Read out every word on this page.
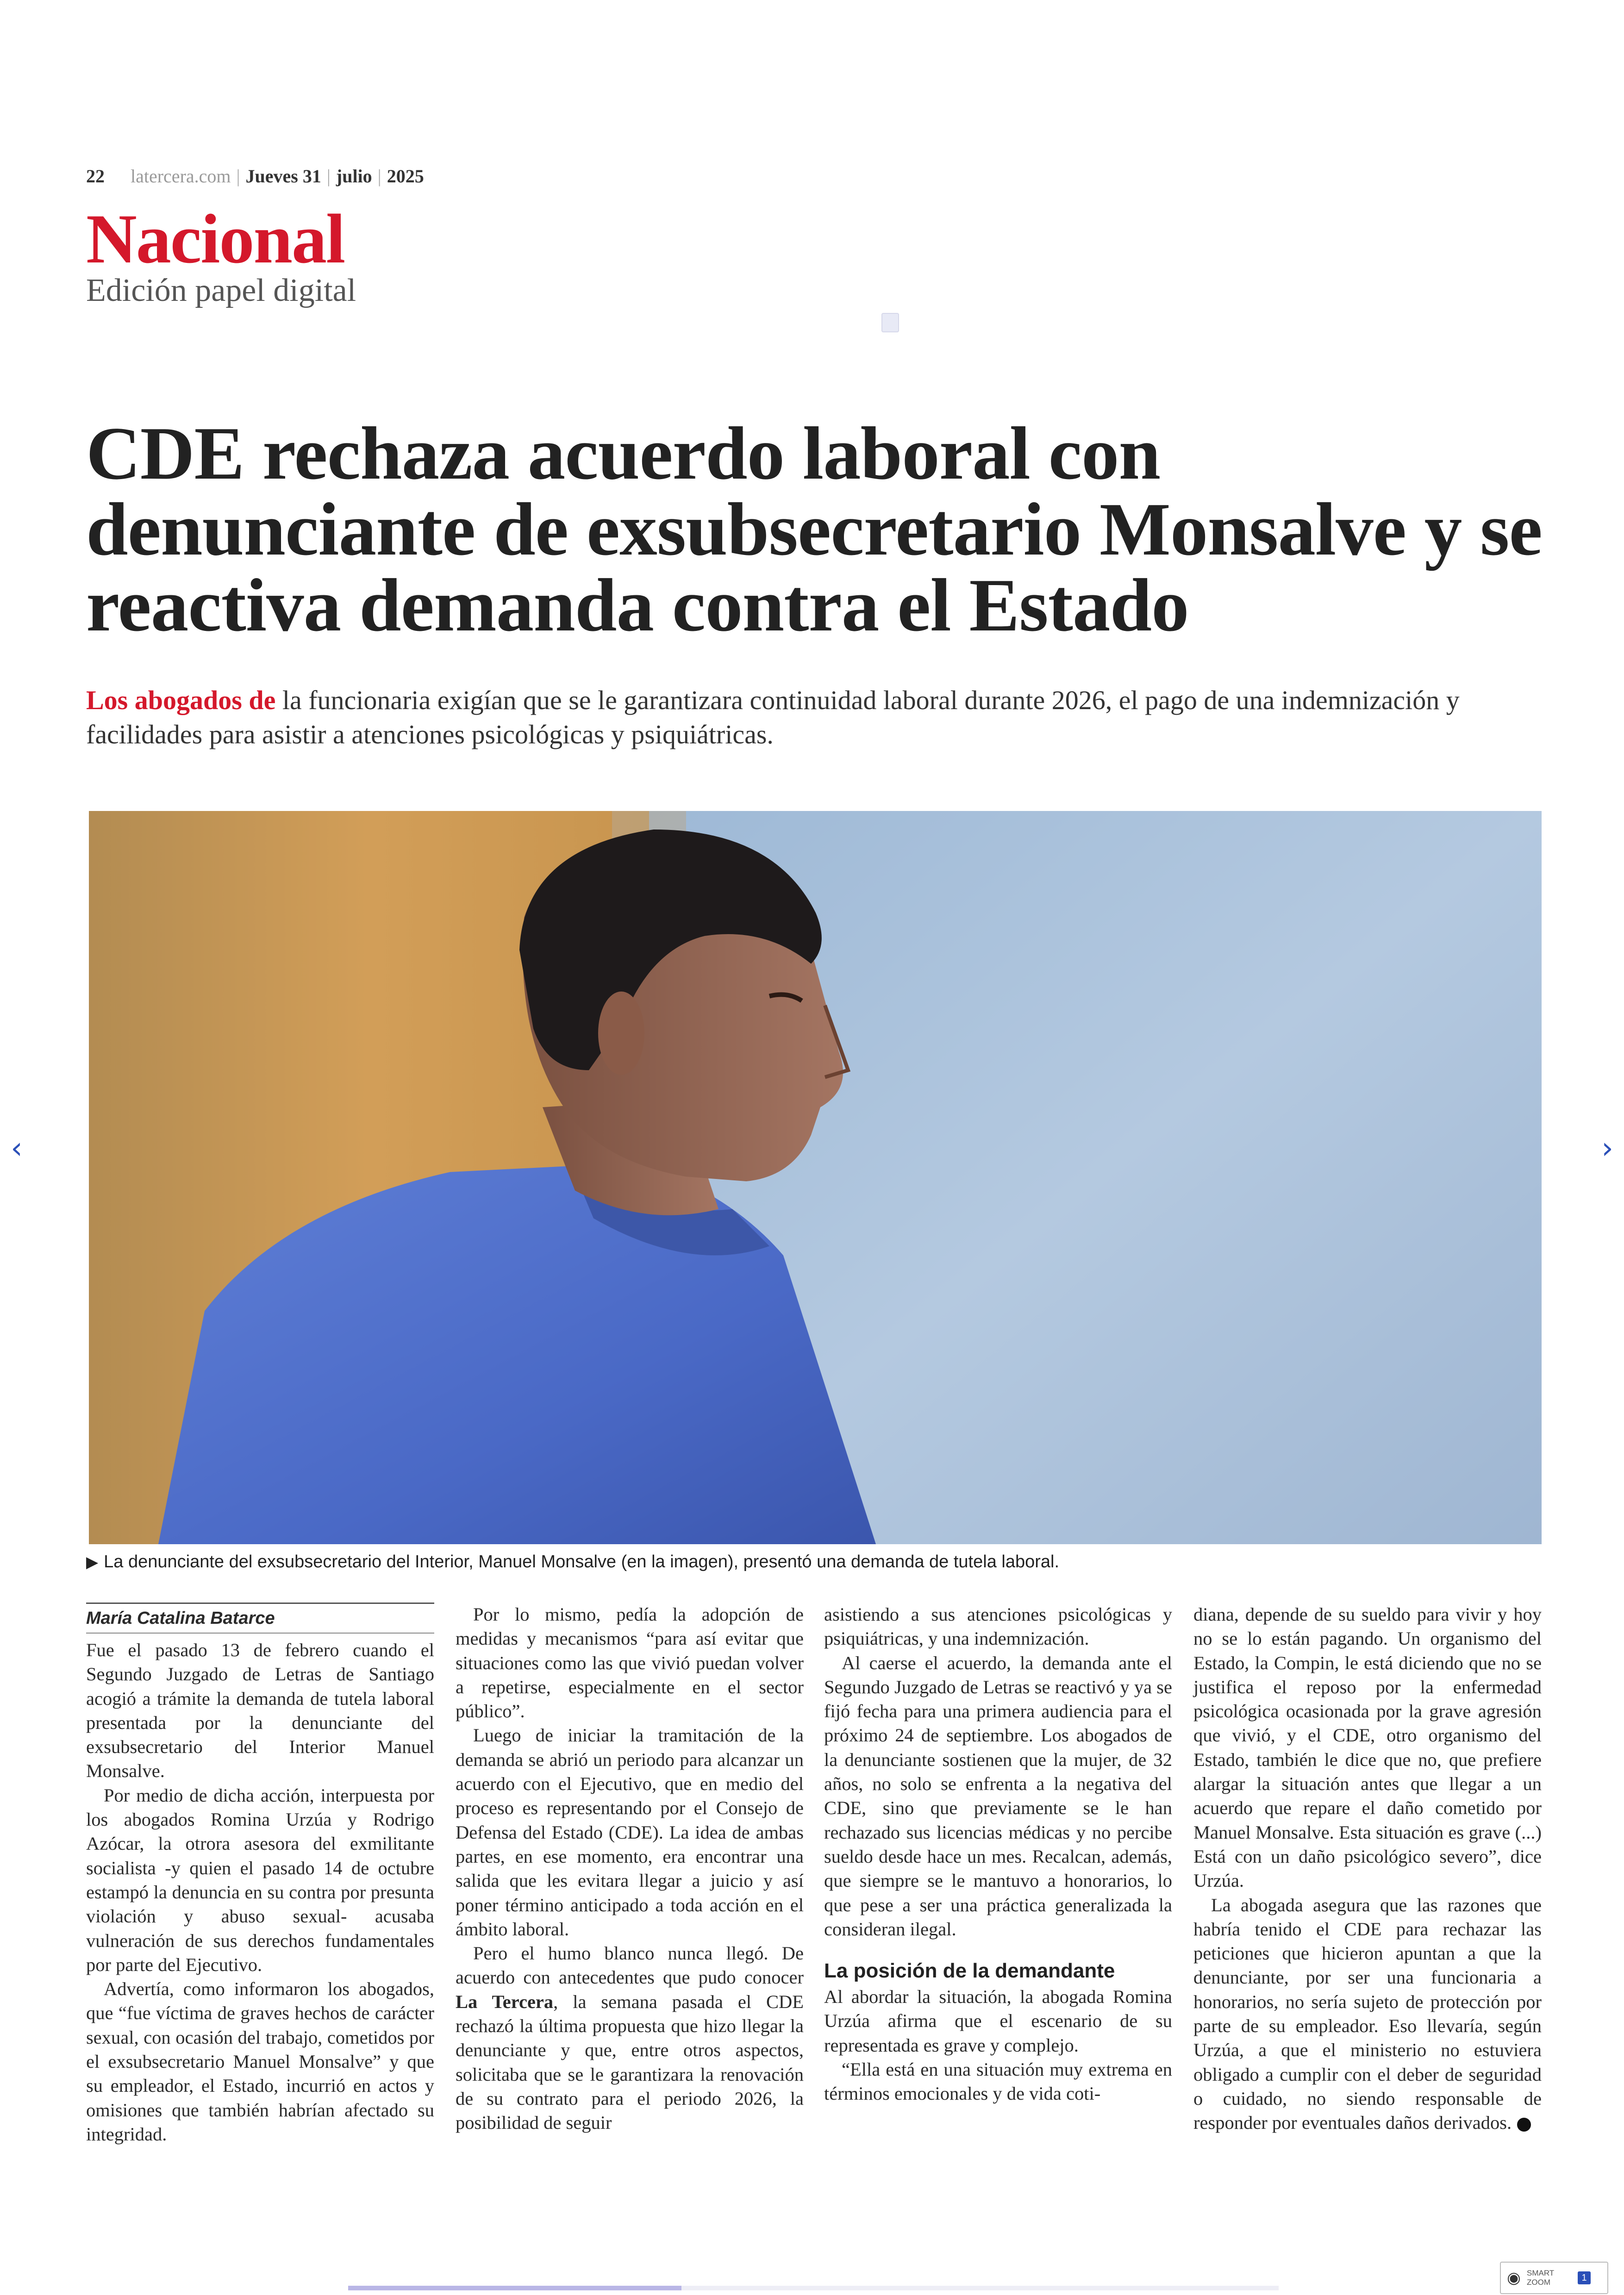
22 latercera.com | Jueves 31 | julio | 2025
Nacional
Edición papel digital
CDE rechaza acuerdo laboral con denunciante de exsubsecretario Monsalve y se reactiva demanda contra el Estado
Los abogados de la funcionaria exigían que se le garantizara continuidad laboral durante 2026, el pago de una indemnización y facilidades para asistir a atenciones psicológicas y psiquiátricas.
▶ La denunciante del exsubsecretario del Interior, Manuel Monsalve (en la imagen), presentó una demanda de tutela laboral.
María Catalina Batarce

Fue el pasado 13 de febrero cuando el Segundo Juzgado de Letras de Santiago acogió a trámite la demanda de tutela laboral presentada por la denunciante del exsubsecretario del Interior Manuel Monsalve.

Por medio de dicha acción, interpuesta por los abogados Romina Urzúa y Rodrigo Azócar, la otrora asesora del exmilitante socialista -y quien el pasado 14 de octubre estampó la denuncia en su contra por presunta violación y abuso sexual- acusaba vulneración de sus derechos fundamentales por parte del Ejecutivo.

Advertía, como informaron los abogados, que “fue víctima de graves hechos de carácter sexual, con ocasión del trabajo, cometidos por el exsubsecretario Manuel Monsalve” y que su empleador, el Estado, incurrió en actos y omisiones que también habrían afectado su integridad.

Por lo mismo, pedía la adopción de medidas y mecanismos “para así evitar que situaciones como las que vivió puedan volver a repetirse, especialmente en el sector público”.

Luego de iniciar la tramitación de la demanda se abrió un periodo para alcanzar un acuerdo con el Ejecutivo, que en medio del proceso es representando por el Consejo de Defensa del Estado (CDE). La idea de ambas partes, en ese momento, era encontrar una salida que les evitara llegar a juicio y así poner término anticipado a toda acción en el ámbito laboral.

Pero el humo blanco nunca llegó. De acuerdo con antecedentes que pudo conocer La Tercera, la semana pasada el CDE rechazó la última propuesta que hizo llegar la denunciante y que, entre otros aspectos, solicitaba que se le garantizara la renovación de su contrato para el periodo 2026, la posibilidad de seguir

asistiendo a sus atenciones psicológicas y psiquiátricas, y una indemnización.

Al caerse el acuerdo, la demanda ante el Segundo Juzgado de Letras se reactivó y ya se fijó fecha para una primera audiencia para el próximo 24 de septiembre. Los abogados de la denunciante sostienen que la mujer, de 32 años, no solo se enfrenta a la negativa del CDE, sino que previamente se le han rechazado sus licencias médicas y no percibe sueldo desde hace un mes. Recalcan, además, que siempre se le mantuvo a honorarios, lo que pese a ser una práctica generalizada la consideran ilegal.

La posición de la demandante

Al abordar la situación, la abogada Romina Urzúa afirma que el escenario de su representada es grave y complejo.

“Ella está en una situación muy extrema en términos emocionales y de vida coti-

diana, depende de su sueldo para vivir y hoy no se lo están pagando. Un organismo del Estado, la Compin, le está diciendo que no se justifica el reposo por la enfermedad psicológica ocasionada por la grave agresión que vivió, y el CDE, otro organismo del Estado, también le dice que no, que prefiere alargar la situación antes que llegar a un acuerdo que repare el daño cometido por Manuel Monsalve. Esta situación es grave (...) Está con un daño psicológico severo”, dice Urzúa.

La abogada asegura que las razones que habría tenido el CDE para rechazar las peticiones que hicieron apuntan a que la denunciante, por ser una funcionaria a honorarios, no sería sujeto de protección por parte de su empleador. Eso llevaría, según Urzúa, a que el ministerio no estuviera obligado a cumplir con el deber de seguridad o cuidado, no siendo responsable de responder por eventuales daños derivados.

‹	›
◉ SMART ZOOM	1
